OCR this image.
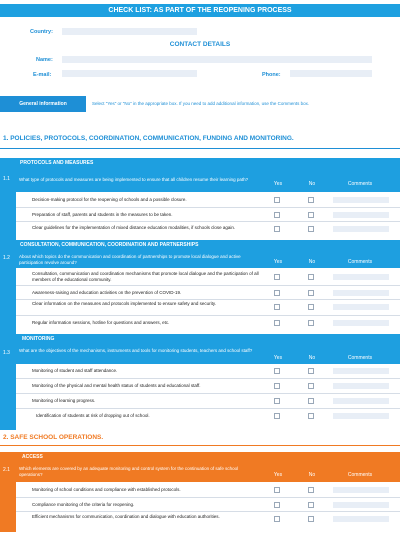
CHECK LIST: AS PART OF THE REOPENING PROCESS
Country:
CONTACT DETAILS
Name:
E-mail:	Phone:
General information	Select "Yes" or "No" in the appropriate box. If you need to add additional information, use the Comments box.
1. POLICIES, PROTOCOLS, COORDINATION, COMMUNICATION, FUNDING AND MONITORING.
PROTOCOLS AND MEASURES
1.1 What type of protocols and measures are being implemented to ensure that all children resume their learning path?
Yes	No	Comments
Decision-making protocol for the reopening of schools and a possible closure.
Preparation of staff, parents and students in the measures to be taken.
Clear guidelines for the implementation of mixed distance education modalities, if schools close again.
CONSULTATION, COMMUNICATION, COORDINATION AND PARTNERSHIPS
1.2 About which topics do the communication and coordination of partnerships to promote local dialogue and active participation revolve around?	Yes	No	Comments
Consultation, communication and coordination mechanisms that promote local dialogue and the participation of all members of the educational community.
Awareness-raising and education activities on the prevention of COVID-19.
Clear information on the measures and protocols implemented to ensure safety and security.
Regular information sessions, hotline for questions and answers, etc.
MONITORING
1.3 What are the objectives of the mechanisms, instruments and tools for monitoring students, teachers and school staff?
Yes	No	Comments
Monitoring of student and staff attendance.
Monitoring of the physical and mental health status of students and educational staff.
Monitoring of learning progress.
Identification of students at risk of dropping out of school.
2. SAFE SCHOOL OPERATIONS.
ACCESS
2.1 Which elements are covered by an adequate monitoring and control system for the continuation of safe school operations?	Yes	No	Comments
Monitoring of school conditions and compliance with established protocols.
Compliance monitoring of the criteria for reopening.
Efficient mechanisms for communication, coordination and dialogue with education authorities.
